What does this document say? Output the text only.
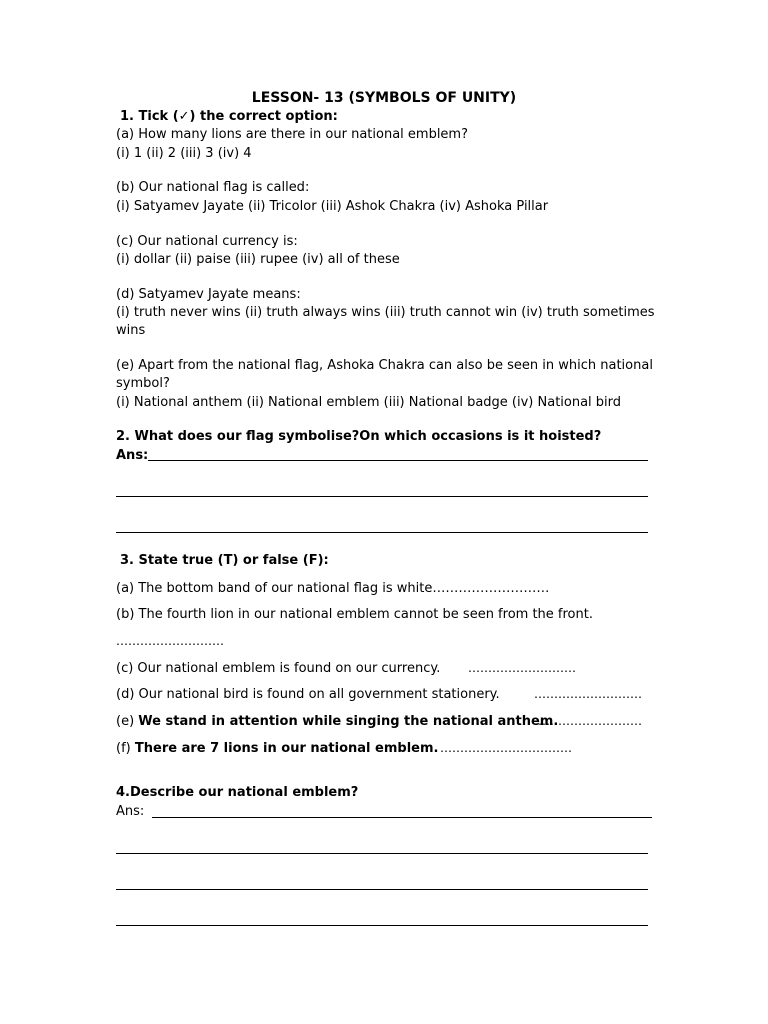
LESSON- 13 (SYMBOLS OF UNITY)
1. Tick (✓) the correct option:
(a) How many lions are there in our national emblem?
(i) 1 (ii) 2 (iii) 3 (iv) 4
(b) Our national flag is called:
(i) Satyamev Jayate (ii) Tricolor (iii) Ashok Chakra (iv) Ashoka Pillar
(c) Our national currency is:
(i) dollar (ii) paise (iii) rupee (iv) all of these
(d) Satyamev Jayate means:
(i) truth never wins (ii) truth always wins (iii) truth cannot win (iv) truth sometimes
wins
(e) Apart from the national flag, Ashoka Chakra can also be seen in which national
symbol?
(i) National anthem (ii) National emblem (iii) National badge (iv) National bird
2. What does our flag symbolise?On which occasions is it hoisted?
Ans:
3. State true (T) or false (F):
(a) The bottom band of our national flag is white………………………
(b) The fourth lion in our national emblem cannot be seen from the front.
………………………
(c) Our national emblem is found on our currency. ………………………
(d) Our national bird is found on all government stationery.	………………………
(e) We stand in attention while singing the national anthem.
………………………
(f) There are 7 lions in our national emblem. ……………………………
4.Describe our national emblem?
Ans:
